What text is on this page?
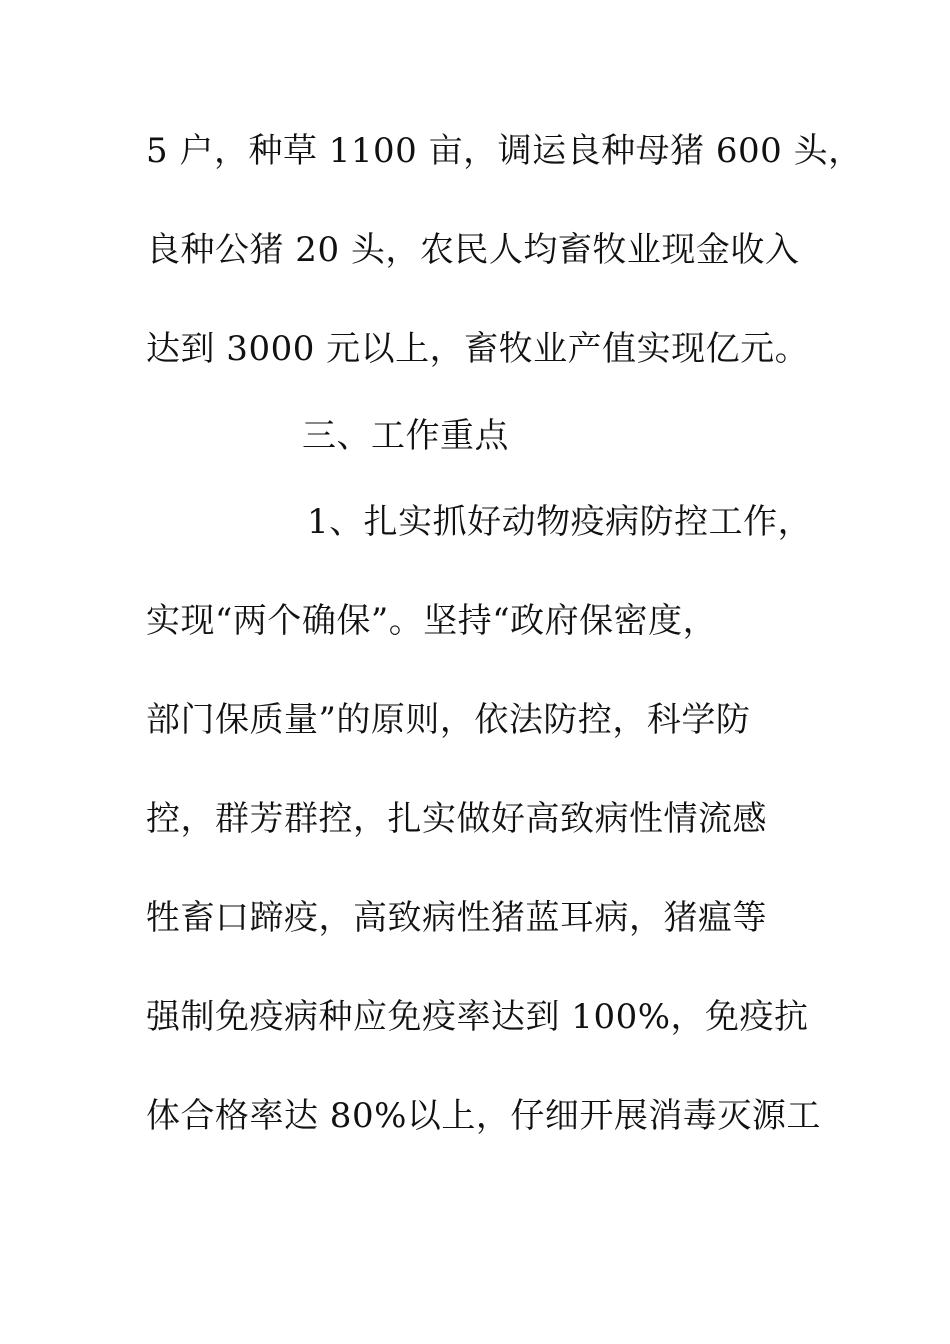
5 户，种草 1100 亩，调运良种母猪 600 头，
良种公猪 20 头，农民人均畜牧业现金收入
达到 3000 元以上，畜牧业产值实现亿元。
三、工作重点
1、扎实抓好动物疫病防控工作，
实现“两个确保”。坚持“政府保密度，
部门保质量”的原则，依法防控，科学防
控，群芳群控，扎实做好高致病性情流感
牲畜口蹄疫，高致病性猪蓝耳病，猪瘟等
强制免疫病种应免疫率达到 100%，免疫抗
体合格率达 80%以上，仔细开展消毒灭源工
